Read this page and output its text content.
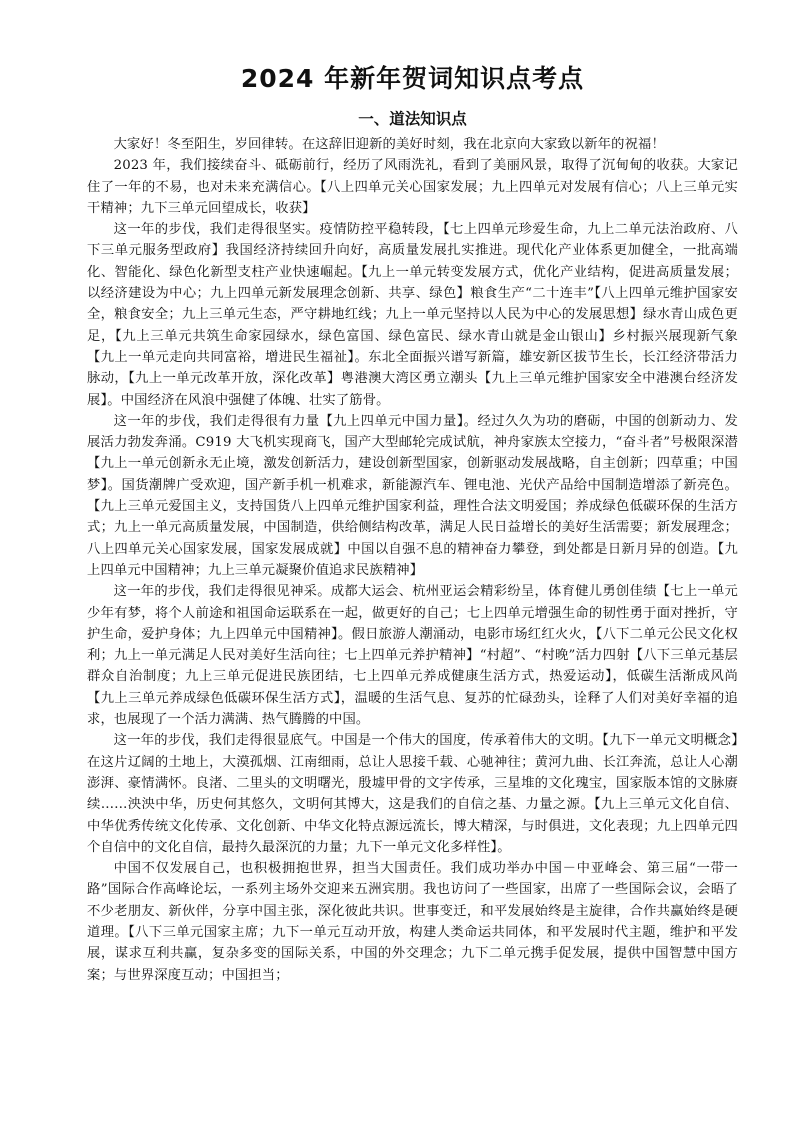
2024 年新年贺词知识点考点
一、道法知识点

大家好！冬至阳生，岁回律转。在这辞旧迎新的美好时刻，我在北京向大家致以新年的祝福！

2023 年，我们接续奋斗、砥砺前行，经历了风雨洗礼，看到了美丽风景，取得了沉甸甸的收获。大家记住了一年的不易，也对未来充满信心。【八上四单元关心国家发展；九上四单元对发展有信心；八上三单元实干精神；九下三单元回望成长，收获】

这一年的步伐，我们走得很坚实。疫情防控平稳转段，【七上四单元珍爱生命，九上二单元法治政府、八下三单元服务型政府】我国经济持续回升向好，高质量发展扎实推进。现代化产业体系更加健全，一批高端化、智能化、绿色化新型支柱产业快速崛起。【九上一单元转变发展方式，优化产业结构，促进高质量发展；以经济建设为中心；九上四单元新发展理念创新、共享、绿色】粮食生产“二十连丰”【八上四单元维护国家安全，粮食安全；九上三单元生态，严守耕地红线；九上一单元坚持以人民为中心的发展思想】绿水青山成色更足，【九上三单元共筑生命家园绿水，绿色富国、绿色富民、绿水青山就是金山银山】乡村振兴展现新气象【九上一单元走向共同富裕，增进民生福祉】。东北全面振兴谱写新篇，雄安新区拔节生长，长江经济带活力脉动，【九上一单元改革开放，深化改革】粤港澳大湾区勇立潮头【九上三单元维护国家安全中港澳台经济发展】。中国经济在风浪中强健了体魄、壮实了筋骨。

这一年的步伐，我们走得很有力量【九上四单元中国力量】。经过久久为功的磨砺，中国的创新动力、发展活力勃发奔涌。C919 大飞机实现商飞，国产大型邮轮完成试航，神舟家族太空接力，“奋斗者”号极限深潜【九上一单元创新永无止境，激发创新活力，建设创新型国家，创新驱动发展战略，自主创新；四草重；中国梦】。国货潮牌广受欢迎，国产新手机一机难求，新能源汽车、锂电池、光伏产品给中国制造增添了新亮色。【九上三单元爱国主义，支持国货八上四单元维护国家利益，理性合法文明爱国；养成绿色低碳环保的生活方式；九上一单元高质量发展，中国制造，供给侧结构改革，满足人民日益增长的美好生活需要；新发展理念；八上四单元关心国家发展，国家发展成就】中国以自强不息的精神奋力攀登，到处都是日新月异的创造。【九上四单元中国精神；九上三单元凝聚价值追求民族精神】

这一年的步伐，我们走得很见神采。成都大运会、杭州亚运会精彩纷呈，体育健儿勇创佳绩【七上一单元少年有梦，将个人前途和祖国命运联系在一起，做更好的自己；七上四单元增强生命的韧性勇于面对挫折，守护生命，爱护身体；九上四单元中国精神】。假日旅游人潮涌动，电影市场红红火火，【八下二单元公民文化权利；九上一单元满足人民对美好生活向往；七上四单元养护精神】“村超”、“村晚”活力四射【八下三单元基层群众自治制度；九上三单元促进民族团结，七上四单元养成健康生活方式，热爱运动】，低碳生活渐成风尚【九上三单元养成绿色低碳环保生活方式】，温暖的生活气息、复苏的忙碌劲头，诠释了人们对美好幸福的追求，也展现了一个活力满满、热气腾腾的中国。

这一年的步伐，我们走得很显底气。中国是一个伟大的国度，传承着伟大的文明。【九下一单元文明概念】在这片辽阔的土地上，大漠孤烟、江南细雨，总让人思接千载、心驰神往；黄河九曲、长江奔流，总让人心潮澎湃、豪情满怀。良渚、二里头的文明曙光，殷墟甲骨的文字传承，三星堆的文化瑰宝，国家版本馆的文脉赓续……泱泱中华，历史何其悠久，文明何其博大，这是我们的自信之基、力量之源。【九上三单元文化自信、中华优秀传统文化传承、文化创新、中华文化特点源远流长，博大精深，与时俱进，文化表现；九上四单元四个自信中的文化自信，最持久最深沉的力量；九下一单元文化多样性】。

中国不仅发展自己，也积极拥抱世界，担当大国责任。我们成功举办中国－中亚峰会、第三届“一带一路”国际合作高峰论坛，一系列主场外交迎来五洲宾朋。我也访问了一些国家，出席了一些国际会议，会晤了不少老朋友、新伙伴，分享中国主张，深化彼此共识。世事变迁，和平发展始终是主旋律，合作共赢始终是硬道理。【八下三单元国家主席；九下一单元互动开放，构建人类命运共同体，和平发展时代主题，维护和平发展，谋求互利共赢，复杂多变的国际关系，中国的外交理念；九下二单元携手促发展，提供中国智慧中国方案；与世界深度互动；中国担当；
